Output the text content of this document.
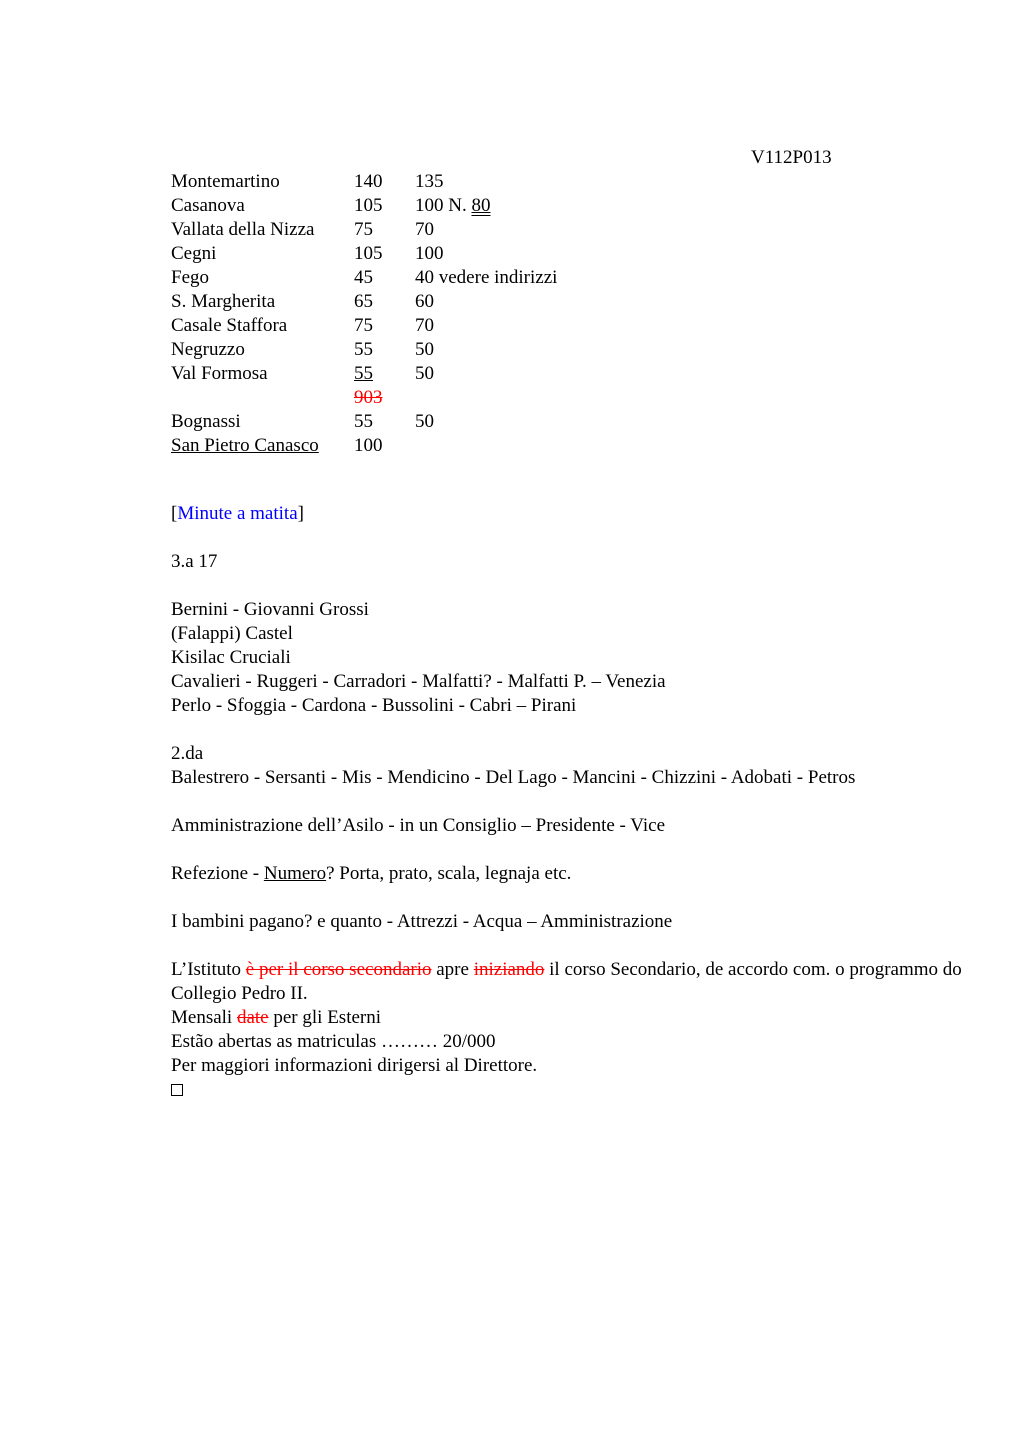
V112P013
Montemartino	140 135
Casanova	105 100 N. 80
Vallata della Nizza 75 70
Cegni	105 100
Fego	45 40 vedere indirizzi
S. Margherita	65 60
Casale Staffora	75 70
Negruzzo	55 50
Val Formosa	55 50
903
Bognassi	55 50
San Pietro Canasco 100
[Minute a matita]
3.a 17
Bernini - Giovanni Grossi
(Falappi) Castel
Kisilac Cruciali
Cavalieri - Ruggeri - Carradori - Malfatti? - Malfatti P. – Venezia
Perlo - Sfoggia - Cardona - Bussolini - Cabri – Pirani
2.da
Balestrero - Sersanti - Mis - Mendicino - Del Lago - Mancini - Chizzini - Adobati - Petros
Amministrazione dell’Asilo - in un Consiglio – Presidente - Vice
Refezione - Numero? Porta, prato, scala, legnaja etc.
I bambini pagano? e quanto - Attrezzi - Acqua – Amministrazione
L’Istituto è per il corso secondario apre iniziando il corso Secondario, de accordo com. o programmo do Collegio Pedro II.
Mensali date per gli Esterni
Estão abertas as matriculas ……… 20/000
Per maggiori informazioni dirigersi al Direttore.
